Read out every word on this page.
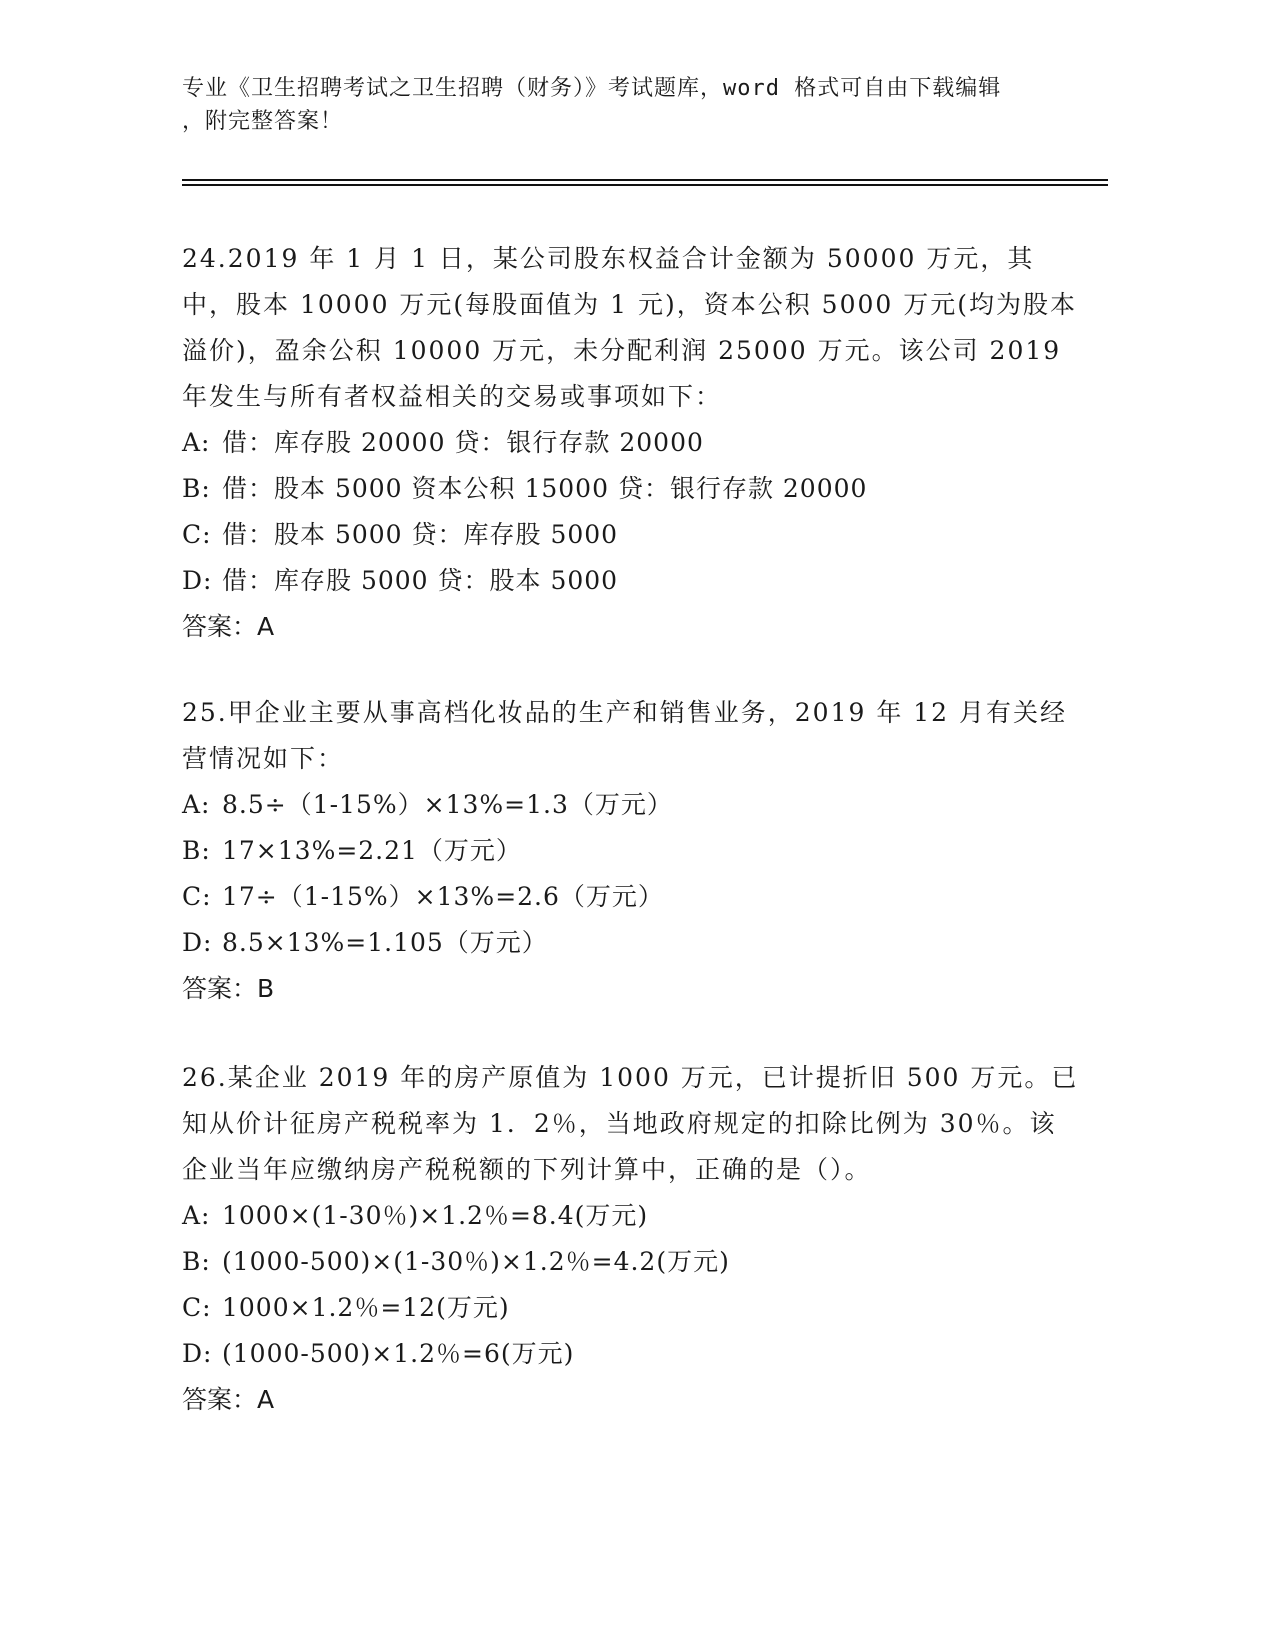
专业《卫生招聘考试之卫生招聘（财务）》考试题库，word 格式可自由下载编辑
，附完整答案！

24.2019 年 1 月 1 日，某公司股东权益合计金额为 50000 万元，其中，股本 10000 万元(每股面值为 1 元)，资本公积 5000 万元(均为股本溢价)，盈余公积 10000 万元，未分配利润 25000 万元。该公司 2019 年发生与所有者权益相关的交易或事项如下：

A: 借：库存股 20000 贷：银行存款 20000
B: 借：股本 5000 资本公积 15000 贷：银行存款 20000
C: 借：股本 5000 贷：库存股 5000
D: 借：库存股 5000 贷：股本 5000
答案：A

25.甲企业主要从事高档化妆品的生产和销售业务，2019 年 12 月有关经营情况如下：

A: 8.5÷（1-15%）×13%=1.3（万元）
B: 17×13%=2.21（万元）
C: 17÷（1-15%）×13%=2.6（万元）
D: 8.5×13%=1.105（万元）
答案：B

26.某企业 2019 年的房产原值为 1000 万元，已计提折旧 500 万元。已知从价计征房产税税率为 1．2％，当地政府规定的扣除比例为 30％。该企业当年应缴纳房产税税额的下列计算中，正确的是（）。

A: 1000×(1-30％)×1.2％=8.4(万元)
B: (1000-500)×(1-30％)×1.2％=4.2(万元)
C: 1000×1.2％=12(万元)
D: (1000-500)×1.2％=6(万元)
答案：A
